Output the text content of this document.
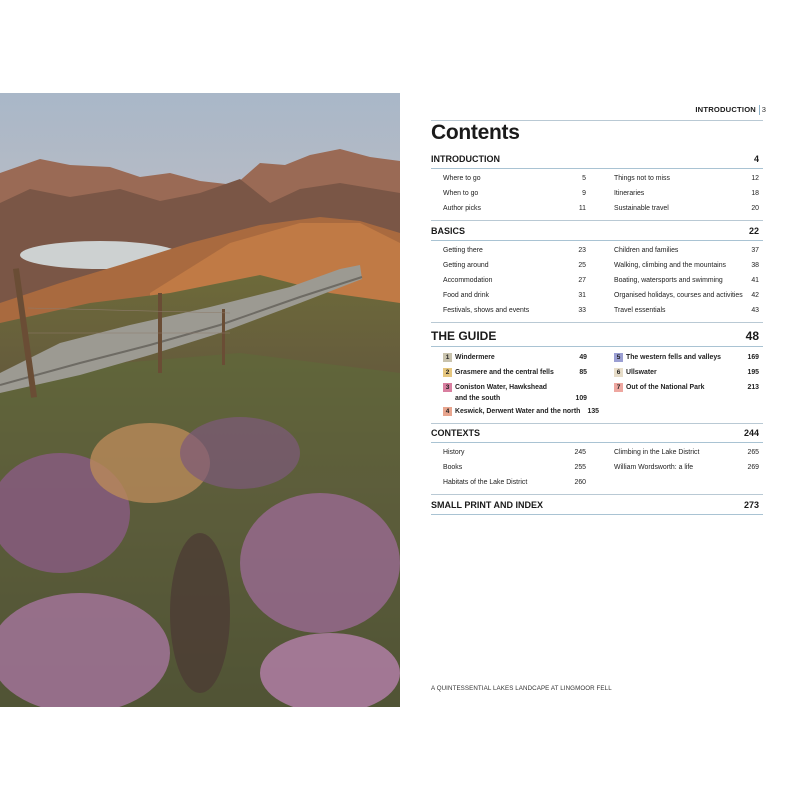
INTRODUCTION 3
Contents
INTRODUCTION	4
Where to go	5
When to go	9
Author picks	11
Things not to miss	12
Itineraries	18
Sustainable travel	20
BASICS	22
Getting there	23
Getting around	25
Accommodation	27
Food and drink	31
Festivals, shows and events	33
Children and families	37
Walking, climbing and the mountains	38
Boating, watersports and swimming	41
Organised holidays, courses and activities 42
Travel essentials	43
THE GUIDE	48
1 Windermere	49
2 Grasmere and the central fells	85
3 Coniston Water, Hawkshead
and the south	109
4 Keswick, Derwent Water and the north 135
5 The western fells and valleys	169
6 Ullswater	195
7 Out of the National Park	213
CONTEXTS	244
History	245
Books	255
Habitats of the Lake District	260
Climbing in the Lake District	265
William Wordsworth: a life	269
SMALL PRINT AND INDEX	273
A QUINTESSENTIAL LAKES LANDCAPE AT LINGMOOR FELL
